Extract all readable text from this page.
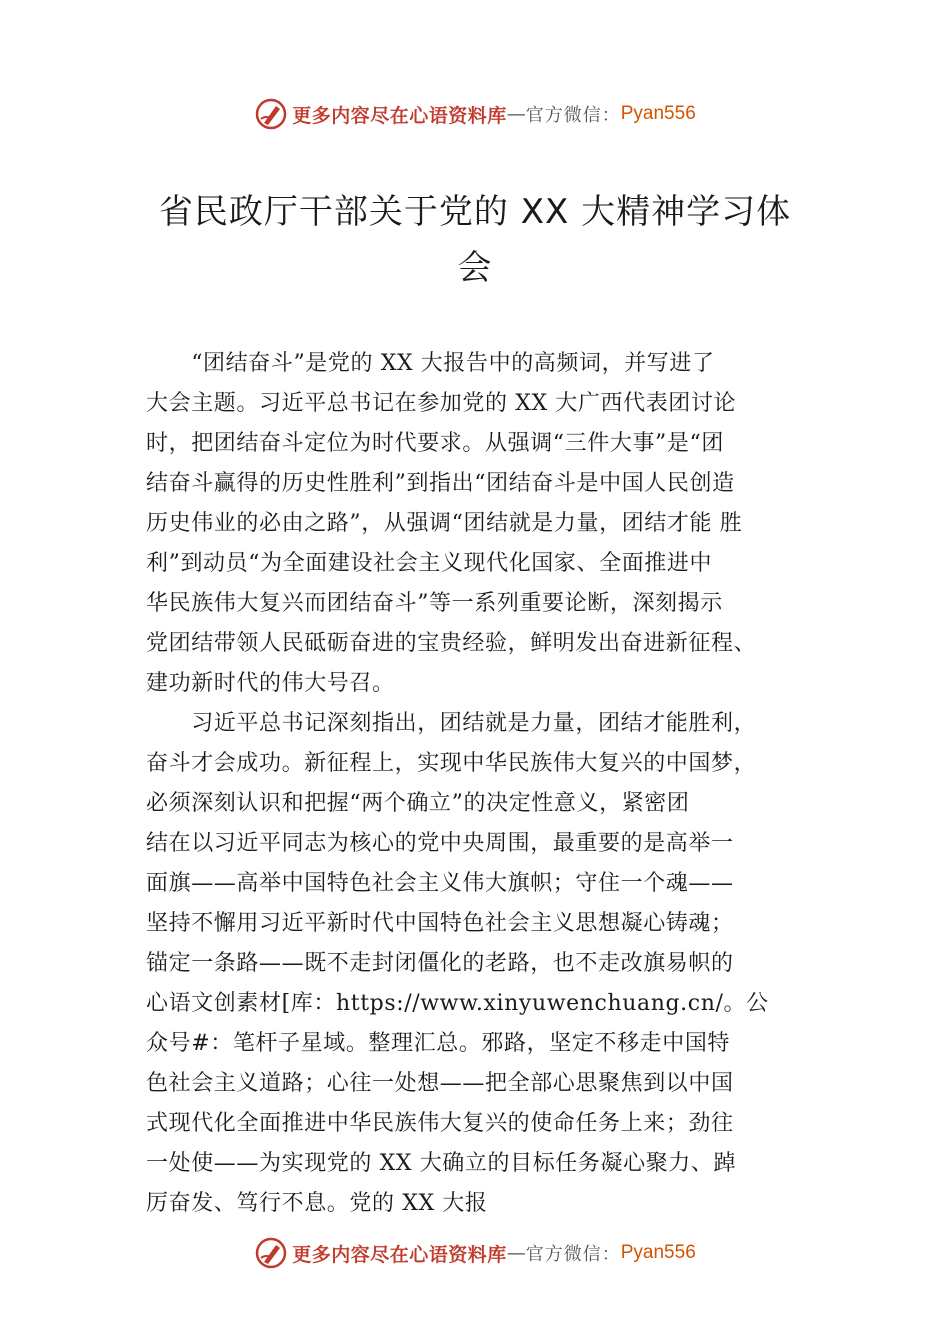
更多内容尽在心语资料库 — 官方微信： Pyan556
省民政厅干部关于党的 XX 大精神学习体
会
　　“团结奋斗”是党的 XX 大报告中的高频词，并写进了
大会主题。习近平总书记在参加党的 XX 大广西代表团讨论
时，把团结奋斗定位为时代要求。从强调“三件大事”是“团
结奋斗赢得的历史性胜利”到指出“团结奋斗是中国人民创造
历史伟业的必由之路”，从强调“团结就是力量，团结才能 胜
利”到动员“为全面建设社会主义现代化国家、全面推进中
华民族伟大复兴而团结奋斗”等一系列重要论断，深刻揭示
党团结带领人民砥砺奋进的宝贵经验，鲜明发出奋进新征程、
建功新时代的伟大号召。
　　习近平总书记深刻指出，团结就是力量，团结才能胜利，
奋斗才会成功。新征程上，实现中华民族伟大复兴的中国梦，
必须深刻认识和把握“两个确立”的决定性意义，紧密团
结在以习近平同志为核心的党中央周围，最重要的是高举一
面旗——高举中国特色社会主义伟大旗帜；守住一个魂——
坚持不懈用习近平新时代中国特色社会主义思想凝心铸魂；
锚定一条路——既不走封闭僵化的老路，也不走改旗易帜的
心语文创素材[库：https://www.xinyuwenchuang.cn/。公
众号#：笔杆子星域。整理汇总。邪路，坚定不移走中国特
色社会主义道路；心往一处想——把全部心思聚焦到以中国
式现代化全面推进中华民族伟大复兴的使命任务上来；劲往
一处使——为实现党的 XX 大确立的目标任务凝心聚力、踔
厉奋发、笃行不息。党的 XX 大报
更多内容尽在心语资料库 — 官方微信： Pyan556
